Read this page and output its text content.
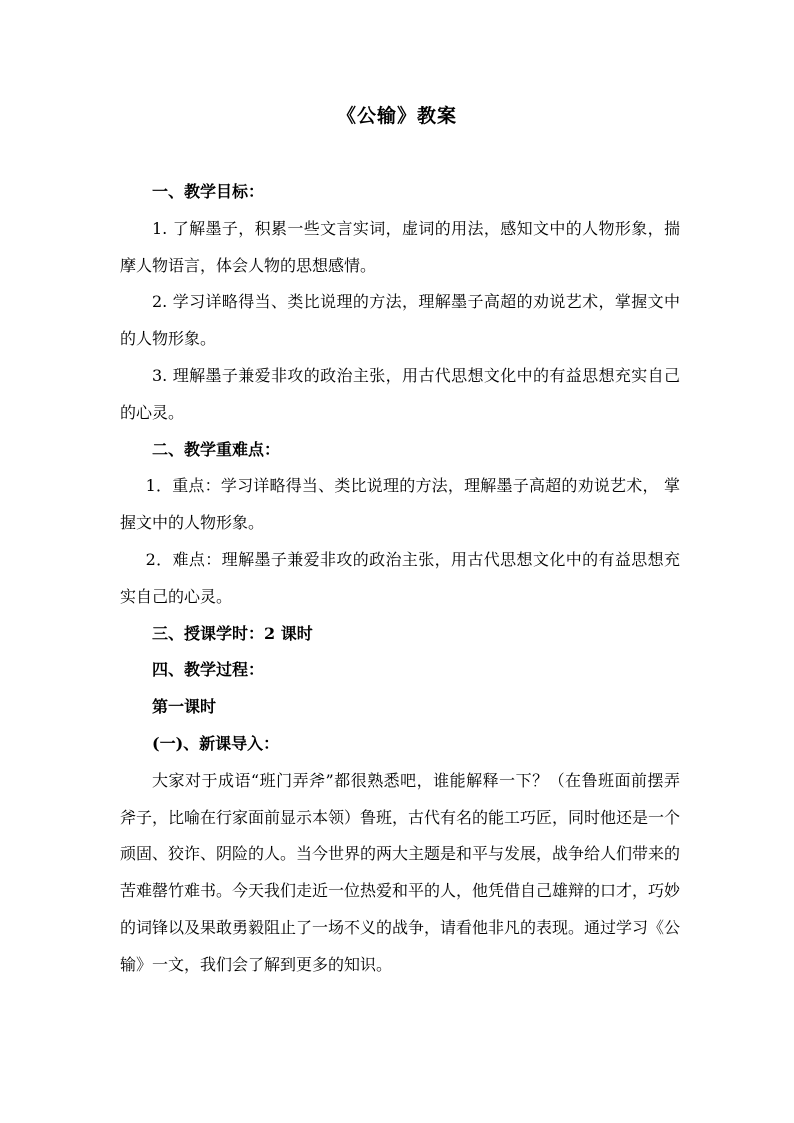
《公输》教案

一、教学目标：

1. 了解墨子，积累一些文言实词，虚词的用法，感知文中的人物形象，揣摩人物语言，体会人物的思想感情。

2. 学习详略得当、类比说理的方法，理解墨子高超的劝说艺术，掌握文中的人物形象。

3. 理解墨子兼爱非攻的政治主张，用古代思想文化中的有益思想充实自己的心灵。

二、教学重难点：

1．重点：学习详略得当、类比说理的方法，理解墨子高超的劝说艺术， 掌握文中的人物形象。

2．难点：理解墨子兼爱非攻的政治主张，用古代思想文化中的有益思想充实自己的心灵。

三、授课学时：2 课时

四、教学过程：

第一课时

(一)、新课导入：

大家对于成语“班门弄斧”都很熟悉吧，谁能解释一下？（在鲁班面前摆弄斧子，比喻在行家面前显示本领）鲁班，古代有名的能工巧匠，同时他还是一个顽固、狡诈、阴险的人。当今世界的两大主题是和平与发展，战争给人们带来的苦难罄竹难书。今天我们走近一位热爱和平的人，他凭借自己雄辩的口才，巧妙的词锋以及果敢勇毅阻止了一场不义的战争，请看他非凡的表现。通过学习《公输》一文，我们会了解到更多的知识。
